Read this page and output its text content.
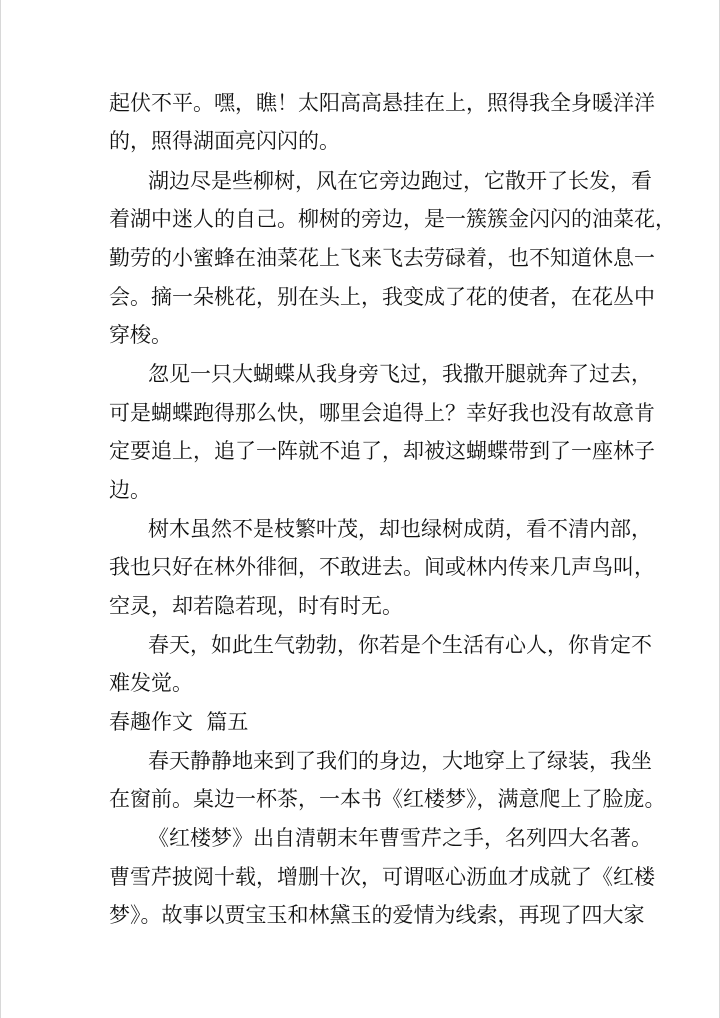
起伏不平。嘿，瞧！太阳高高悬挂在上，照得我全身暖洋洋
的，照得湖面亮闪闪的。
湖边尽是些柳树，风在它旁边跑过，它散开了长发，看
着湖中迷人的自己。柳树的旁边，是一簇簇金闪闪的油菜花，
勤劳的小蜜蜂在油菜花上飞来飞去劳碌着，也不知道休息一
会。摘一朵桃花，别在头上，我变成了花的使者，在花丛中
穿梭。
忽见一只大蝴蝶从我身旁飞过，我撒开腿就奔了过去，
可是蝴蝶跑得那么快，哪里会追得上？幸好我也没有故意肯
定要追上，追了一阵就不追了，却被这蝴蝶带到了一座林子
边。
树木虽然不是枝繁叶茂，却也绿树成荫，看不清内部，
我也只好在林外徘徊，不敢进去。间或林内传来几声鸟叫，
空灵，却若隐若现，时有时无。
春天，如此生气勃勃，你若是个生活有心人，你肯定不
难发觉。
春趣作文  篇五
春天静静地来到了我们的身边，大地穿上了绿装，我坐
在窗前。桌边一杯茶，一本书《红楼梦》，满意爬上了脸庞。
《红楼梦》出自清朝末年曹雪芹之手，名列四大名著。
曹雪芹披阅十载，增删十次，可谓呕心沥血才成就了《红楼
梦》。故事以贾宝玉和林黛玉的爱情为线索，再现了四大家
